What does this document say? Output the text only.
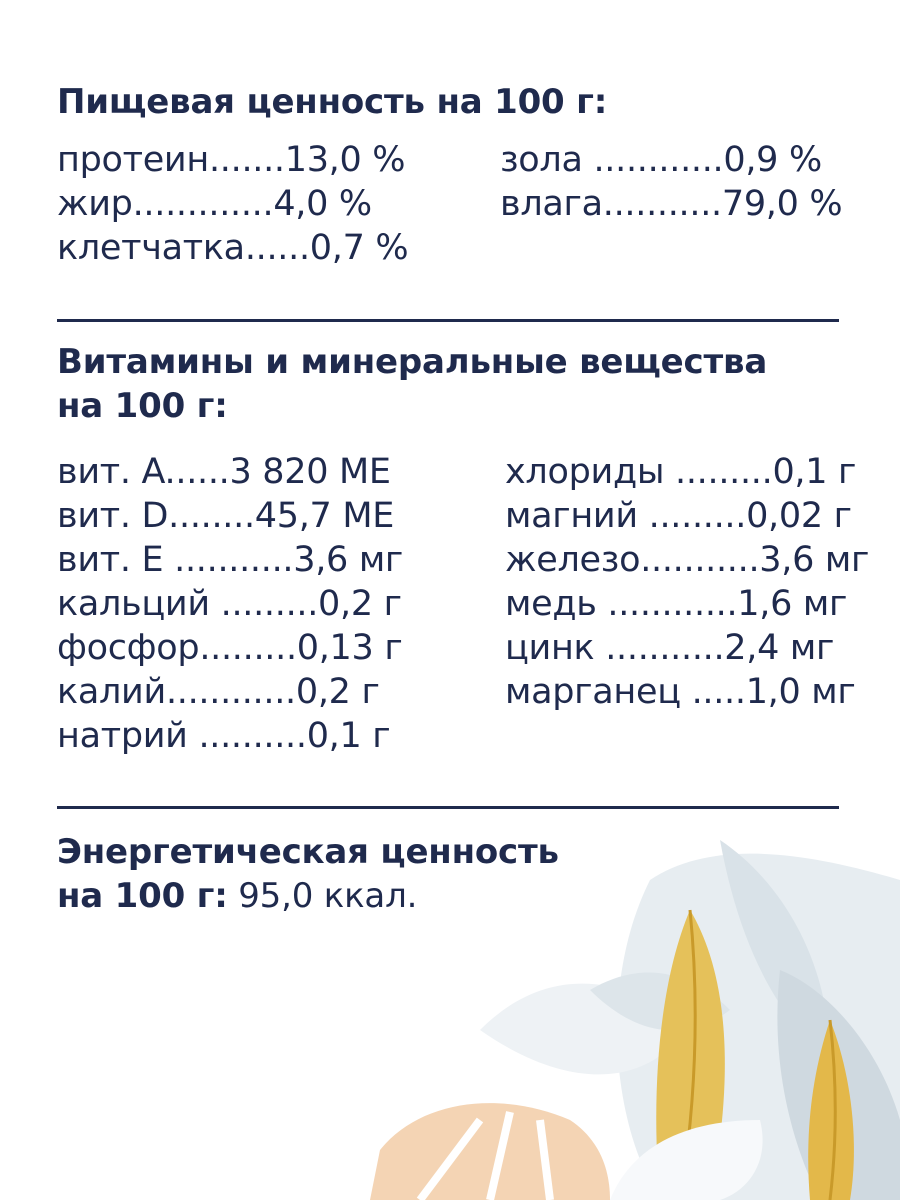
Пищевая ценность на 100 г:
протеин.......13,0 %
жир.............4,0 %
клетчатка......0,7 %
зола ............0,9 %
влага...........79,0 %
Витамины и минеральные вещества
на 100 г:
вит. A......3 820 МЕ
вит. D........45,7 МЕ
вит. Е ...........3,6 мг
кальций .........0,2 г
фосфор.........0,13 г
калий............0,2 г
натрий ..........0,1 г
хлориды .........0,1 г
магний .........0,02 г
железо...........3,6 мг
медь ............1,6 мг
цинк ...........2,4 мг
марганец .....1,0 мг
Энергетическая ценность
на 100 г: 95,0 ккал.
